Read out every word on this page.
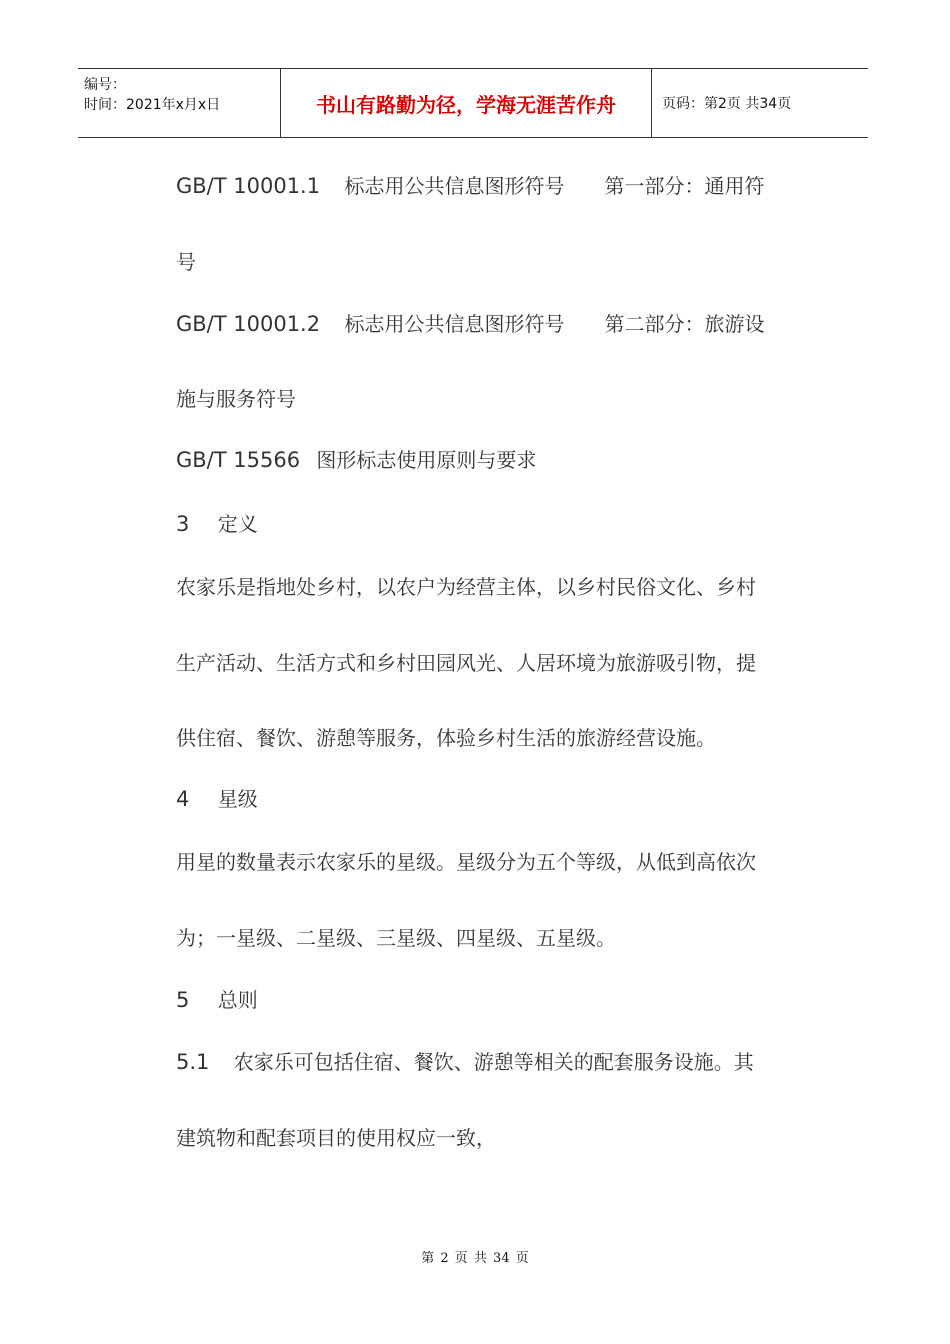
编号：
时间：2021年x月x日	书山有路勤为径，学海无涯苦作舟	页码：第2页 共34页
GB/T 10001.1 标志用公共信息图形符号　　第一部分：通用符
号
GB/T 10001.2 标志用公共信息图形符号　　第二部分：旅游设
施与服务符号
GB/T 15566 图形标志使用原则与要求
3 定义
农家乐是指地处乡村，以农户为经营主体，以乡村民俗文化、乡村
生产活动、生活方式和乡村田园风光、人居环境为旅游吸引物，提
供住宿、餐饮、游憩等服务，体验乡村生活的旅游经营设施。
4 星级
用星的数量表示农家乐的星级。星级分为五个等级，从低到高依次
为；一星级、二星级、三星级、四星级、五星级。
5 总则
5.1 农家乐可包括住宿、餐饮、游憩等相关的配套服务设施。其
建筑物和配套项目的使用权应一致，
第 2 页 共 34 页
